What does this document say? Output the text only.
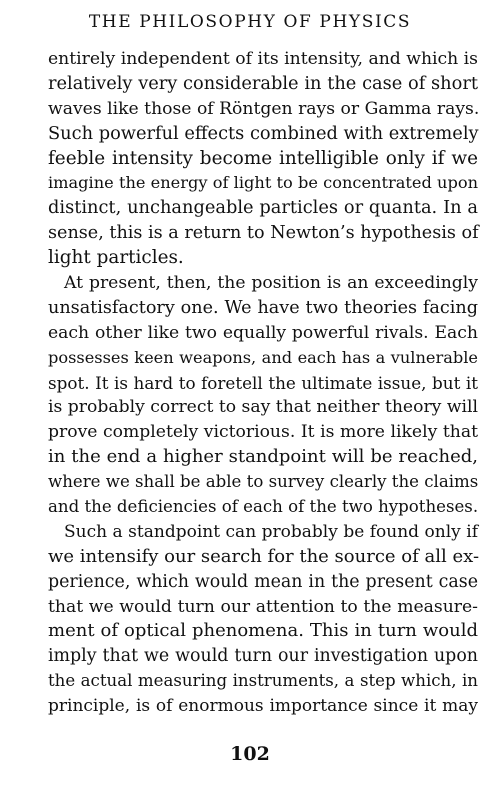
THE PHILOSOPHY OF PHYSICS
entirely independent of its intensity, and which is
relatively very considerable in the case of short
waves like those of Röntgen rays or Gamma rays.
Such powerful effects combined with extremely
feeble intensity become intelligible only if we
imagine the energy of light to be concentrated upon
distinct, unchangeable particles or quanta. In a
sense, this is a return to Newton’s hypothesis of
light particles.
At present, then, the position is an exceedingly
unsatisfactory one. We have two theories facing
each other like two equally powerful rivals. Each
possesses keen weapons, and each has a vulnerable
spot. It is hard to foretell the ultimate issue, but it
is probably correct to say that neither theory will
prove completely victorious. It is more likely that
in the end a higher standpoint will be reached,
where we shall be able to survey clearly the claims
and the deficiencies of each of the two hypotheses.
Such a standpoint can probably be found only if
we intensify our search for the source of all ex-
perience, which would mean in the present case
that we would turn our attention to the measure-
ment of optical phenomena. This in turn would
imply that we would turn our investigation upon
the actual measuring instruments, a step which, in
principle, is of enormous importance since it may
102
